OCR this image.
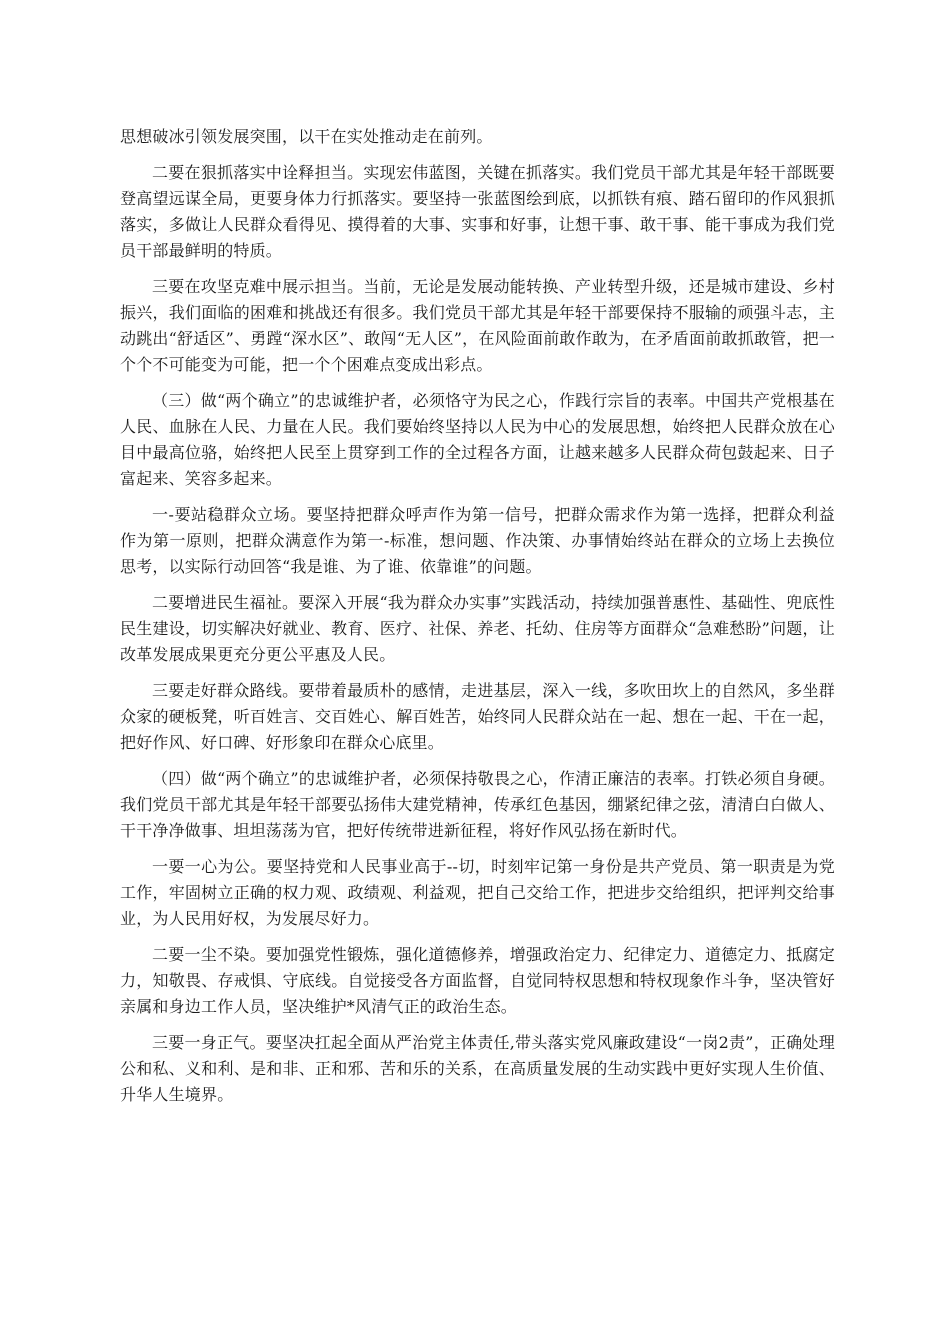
思想破冰引领发展突围，以干在实处推动走在前列。

二要在狠抓落实中诠释担当。实现宏伟蓝图，关键在抓落实。我们党员干部尤其是年轻干部既要登高望远谋全局，更要身体力行抓落实。要坚持一张蓝图绘到底，以抓铁有痕、踏石留印的作风狠抓落实，多做让人民群众看得见、摸得着的大事、实事和好事，让想干事、敢干事、能干事成为我们党员干部最鲜明的特质。

三要在攻坚克难中展示担当。当前，无论是发展动能转换、产业转型升级，还是城市建设、乡村振兴，我们面临的困难和挑战还有很多。我们党员干部尤其是年轻干部要保持不服输的顽强斗志，主动跳出“舒适区”、勇蹚“深水区”、敢闯“无人区”，在风险面前敢作敢为，在矛盾面前敢抓敢管，把一个个不可能变为可能，把一个个困难点变成出彩点。

（三）做“两个确立”的忠诚维护者，必须恪守为民之心，作践行宗旨的表率。中国共产党根基在人民、血脉在人民、力量在人民。我们要始终坚持以人民为中心的发展思想，始终把人民群众放在心目中最高位骆，始终把人民至上贯穿到工作的全过程各方面，让越来越多人民群众荷包鼓起来、日子富起来、笑容多起来。

一-要站稳群众立场。要坚持把群众呼声作为第一信号，把群众需求作为第一选择，把群众利益作为第一原则，把群众满意作为第一-标准，想问题、作决策、办事情始终站在群众的立场上去换位思考，以实际行动回答“我是谁、为了谁、依靠谁”的问题。

二要增进民生福祉。要深入开展“我为群众办实事”实践活动，持续加强普惠性、基础性、兜底性民生建设，切实解决好就业、教育、医疗、社保、养老、托幼、住房等方面群众“急难愁盼”问题，让改革发展成果更充分更公平惠及人民。

三要走好群众路线。要带着最质朴的感情，走进基层，深入一线，多吹田坎上的自然风，多坐群众家的硬板凳，听百姓言、交百姓心、解百姓苦，始终同人民群众站在一起、想在一起、干在一起，把好作风、好口碑、好形象印在群众心底里。

（四）做“两个确立”的忠诚维护者，必须保持敬畏之心，作清正廉洁的表率。打铁必须自身硬。我们党员干部尤其是年轻干部要弘扬伟大建党精神，传承红色基因，绷紧纪律之弦，清清白白做人、干干净净做事、坦坦荡荡为官，把好传统带进新征程，将好作风弘扬在新时代。

一要一心为公。要坚持党和人民事业高于--切，时刻牢记第一身份是共产党员、第一职责是为党工作，牢固树立正确的权力观、政绩观、利益观，把自己交给工作，把进步交给组织，把评判交给事业，为人民用好权，为发展尽好力。

二要一尘不染。要加强党性锻炼，强化道德修养，增强政治定力、纪律定力、道德定力、抵腐定力，知敬畏、存戒惧、守底线。自觉接受各方面监督，自觉同特权思想和特权现象作斗争，坚决管好亲属和身边工作人员，坚决维护*风清气正的政治生态。

三要一身正气。要坚决扛起全面从严治党主体责任,带头落实党风廉政建设“一岗2责”，正确处理公和私、义和利、是和非、正和邪、苦和乐的关系，在高质量发展的生动实践中更好实现人生价值、升华人生境界。
